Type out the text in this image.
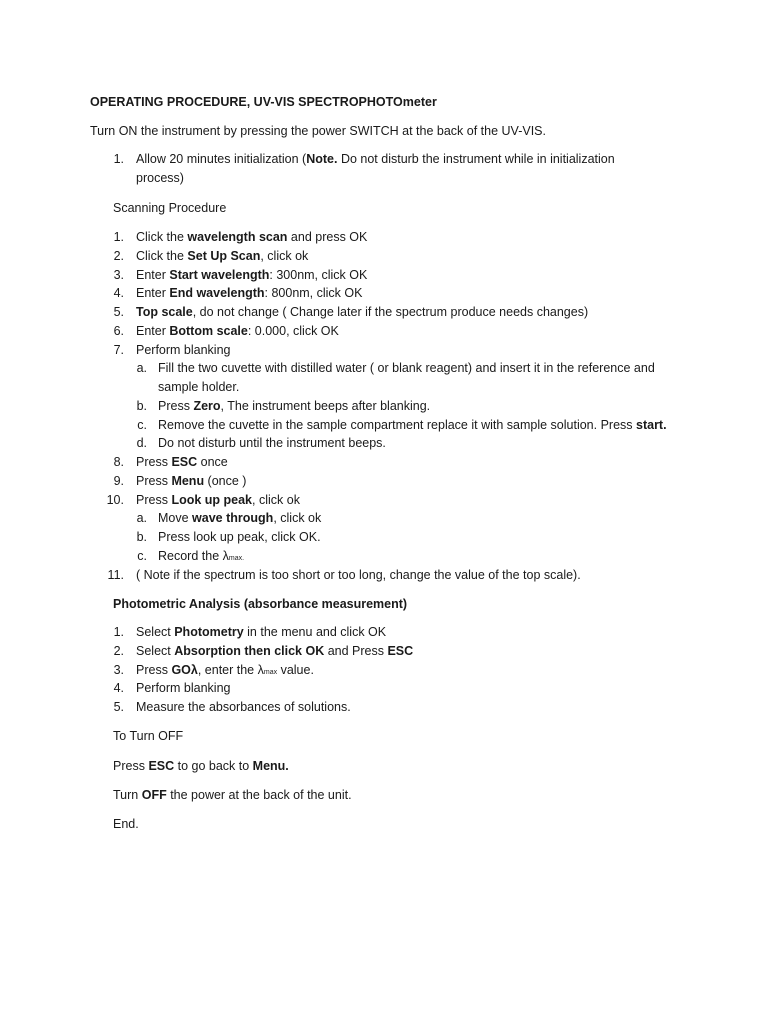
OPERATING PROCEDURE, UV-VIS SPECTROPHOTOmeter
Turn ON the instrument by pressing the power SWITCH at the back of the UV-VIS.
1. Allow 20 minutes initialization (Note. Do not disturb the instrument while in initialization
process)
Scanning Procedure
1. Click the wavelength scan and press OK
2. Click the Set Up Scan, click ok
3. Enter Start wavelength: 300nm, click OK
4. Enter End wavelength: 800nm, click OK
5. Top scale, do not change ( Change later if the spectrum produce needs changes)
6. Enter Bottom scale: 0.000, click OK
7. Perform blanking
a. Fill the two cuvette with distilled water ( or blank reagent) and insert it in the reference and
sample holder.
b. Press Zero, The instrument beeps after blanking.
c. Remove the cuvette in the sample compartment replace it with sample solution. Press start.
d. Do not disturb until the instrument beeps.
8. Press ESC once
9. Press Menu (once )
10. Press Look up peak, click ok
a. Move wave through, click ok
b. Press look up peak, click OK.
c. Record the λmax.
11. ( Note if the spectrum is too short or too long, change the value of the top scale).
Photometric Analysis (absorbance measurement)
1. Select Photometry in the menu and click OK
2. Select Absorption then click OK and Press ESC
3. Press GOλ, enter the λmax value.
4. Perform blanking
5. Measure the absorbances of solutions.
To Turn OFF
Press ESC to go back to Menu.
Turn OFF the power at the back of the unit.
End.
